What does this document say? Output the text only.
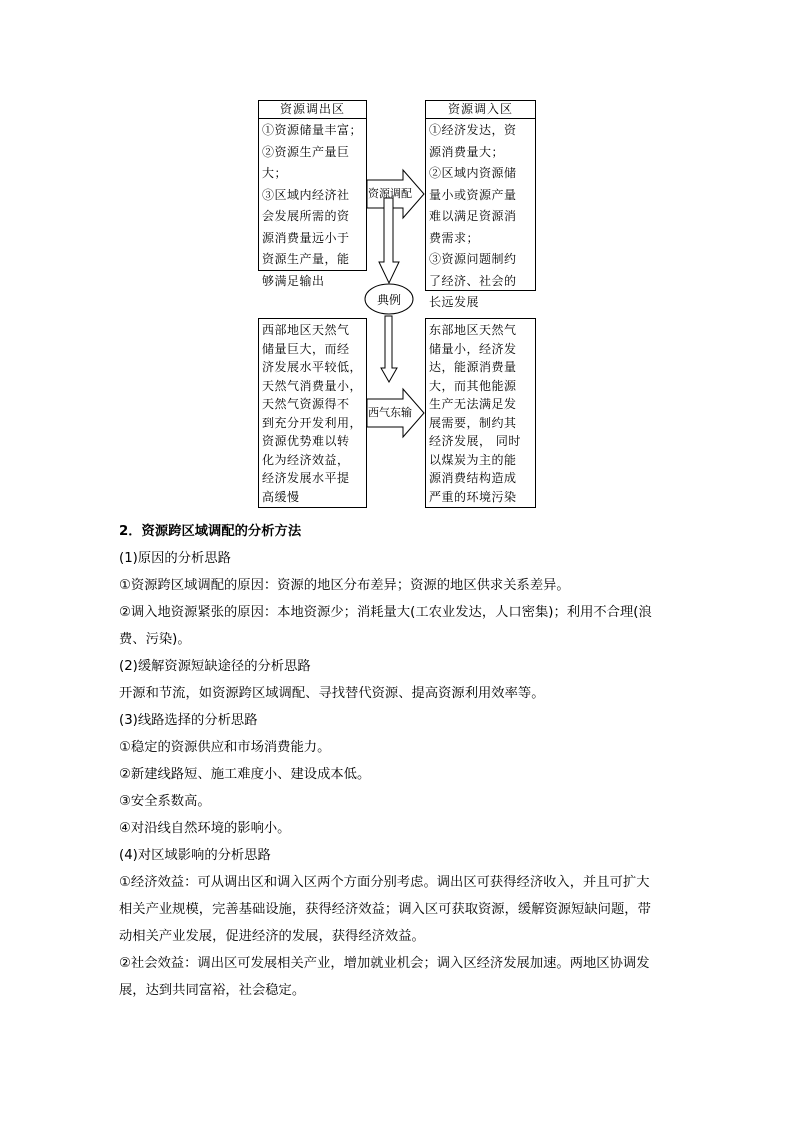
资源调出区
①资源储量丰富；
②资源生产量巨
大；
③区域内经济社
会发展所需的资
源消费量远小于
资源生产量，能
够满足输出
资源调入区
①经济发达，资
源消费量大；
②区域内资源储
量小或资源产量
难以满足资源消
费需求；
③资源问题制约
了经济、社会的
长远发展
资源调配
典例
西部地区天然气
储量巨大，而经
济发展水平较低，
天然气消费量小，
天然气资源得不
到充分开发利用，
资源优势难以转
化为经济效益，
经济发展水平提
高缓慢
西气东输
东部地区天然气
储量小，经济发
达，能源消费量
大，而其他能源
生产无法满足发
展需要，制约其
经济发展， 同时
以煤炭为主的能
源消费结构造成
严重的环境污染
2．资源跨区域调配的分析方法
(1)原因的分析思路
①资源跨区域调配的原因：资源的地区分布差异；资源的地区供求关系差异。
②调入地资源紧张的原因：本地资源少；消耗量大(工农业发达，人口密集)；利用不合理(浪
费、污染)。
(2)缓解资源短缺途径的分析思路
开源和节流，如资源跨区域调配、寻找替代资源、提高资源利用效率等。
(3)线路选择的分析思路
①稳定的资源供应和市场消费能力。
②新建线路短、施工难度小、建设成本低。
③安全系数高。
④对沿线自然环境的影响小。
(4)对区域影响的分析思路
①经济效益：可从调出区和调入区两个方面分别考虑。调出区可获得经济收入，并且可扩大
相关产业规模，完善基础设施，获得经济效益；调入区可获取资源，缓解资源短缺问题，带
动相关产业发展，促进经济的发展，获得经济效益。
②社会效益：调出区可发展相关产业，增加就业机会；调入区经济发展加速。两地区协调发
展，达到共同富裕，社会稳定。
